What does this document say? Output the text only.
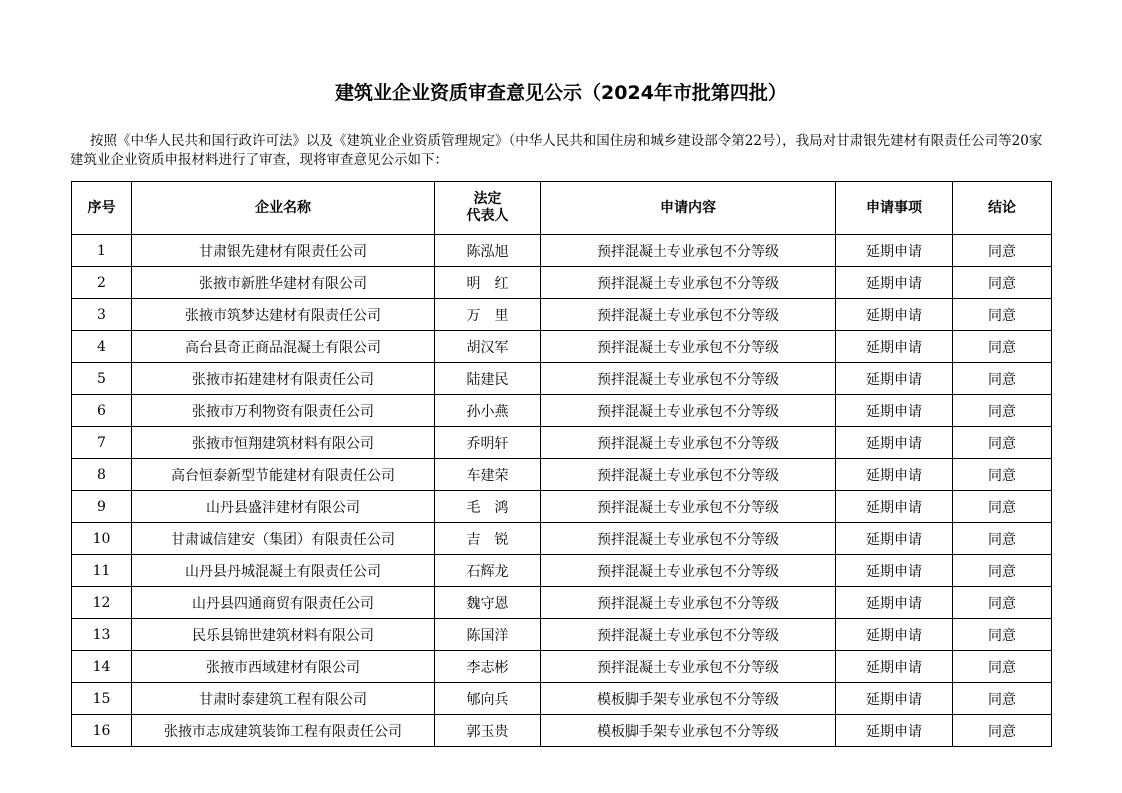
建筑业企业资质审查意见公示（2024年市批第四批）
按照《中华人民共和国行政许可法》以及《建筑业企业资质管理规定》（中华人民共和国住房和城乡建设部令第22号），我局对甘肃银先建材有限责任公司等20家建筑业企业资质申报材料进行了审查，现将审查意见公示如下：
序号	企业名称	法定
代表人	申请内容	申请事项	结论
1	甘肃银先建材有限责任公司	陈泓旭	预拌混凝土专业承包不分等级	延期申请	同意
2	张掖市新胜华建材有限公司	明　红	预拌混凝土专业承包不分等级	延期申请	同意
3	张掖市筑梦达建材有限责任公司	万　里	预拌混凝土专业承包不分等级	延期申请	同意
4	高台县奇正商品混凝土有限公司	胡汉军	预拌混凝土专业承包不分等级	延期申请	同意
5	张掖市拓建建材有限责任公司	陆建民	预拌混凝土专业承包不分等级	延期申请	同意
6	张掖市万利物资有限责任公司	孙小燕	预拌混凝土专业承包不分等级	延期申请	同意
7	张掖市恒翔建筑材料有限公司	乔明轩	预拌混凝土专业承包不分等级	延期申请	同意
8	高台恒泰新型节能建材有限责任公司	车建荣	预拌混凝土专业承包不分等级	延期申请	同意
9	山丹县盛沣建材有限公司	毛　鸿	预拌混凝土专业承包不分等级	延期申请	同意
10	甘肃诚信建安（集团）有限责任公司	吉　锐	预拌混凝土专业承包不分等级	延期申请	同意
11	山丹县丹城混凝土有限责任公司	石辉龙	预拌混凝土专业承包不分等级	延期申请	同意
12	山丹县四通商贸有限责任公司	魏守恩	预拌混凝土专业承包不分等级	延期申请	同意
13	民乐县锦世建筑材料有限公司	陈国洋	预拌混凝土专业承包不分等级	延期申请	同意
14	张掖市西域建材有限公司	李志彬	预拌混凝土专业承包不分等级	延期申请	同意
15	甘肃时泰建筑工程有限公司	郇向兵	模板脚手架专业承包不分等级	延期申请	同意
16	张掖市志成建筑装饰工程有限责任公司	郭玉贵	模板脚手架专业承包不分等级	延期申请	同意
